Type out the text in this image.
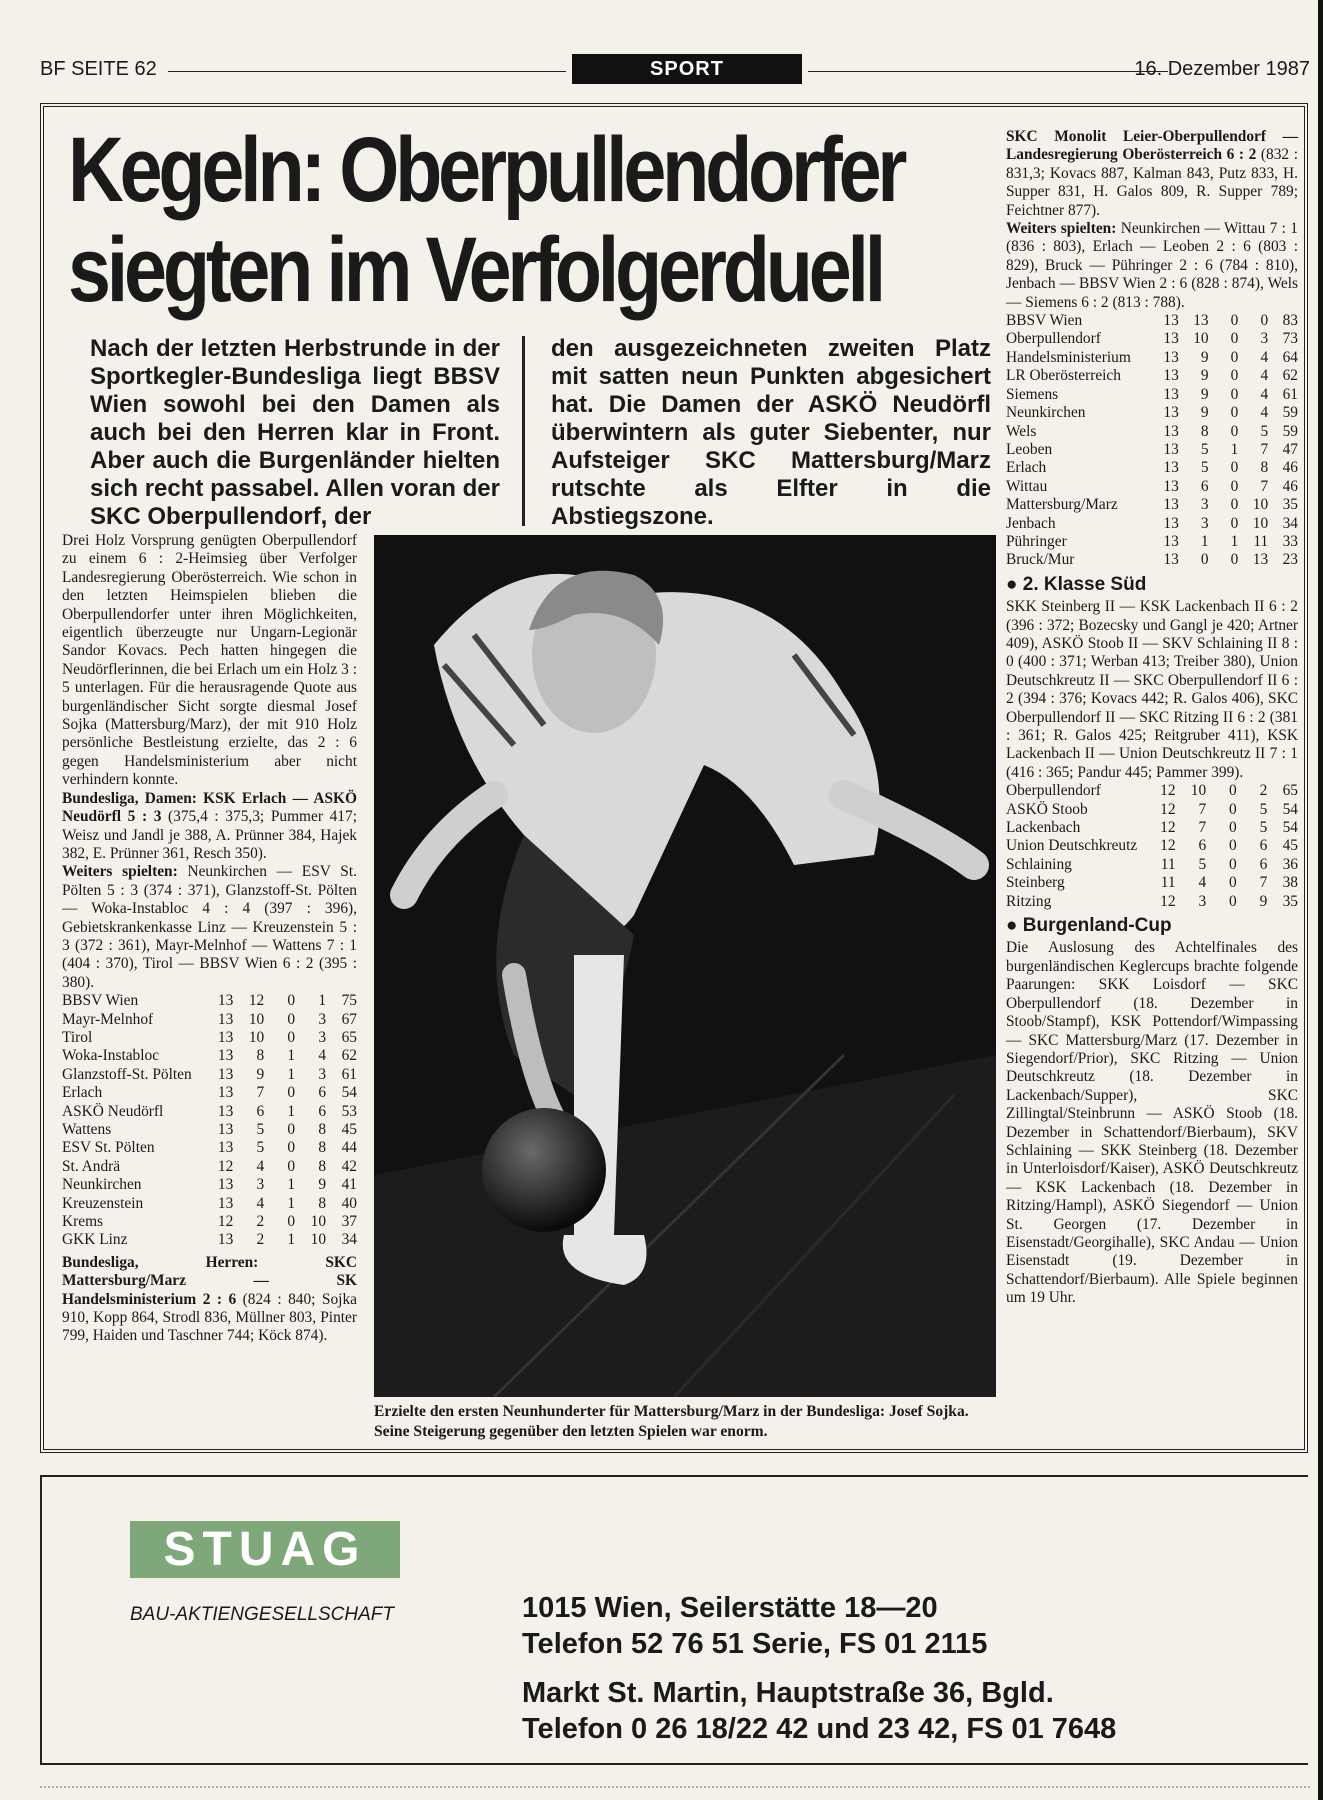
BF SEITE 62	SPORT	16. Dezember 1987
Kegeln: Oberpullendorfer
siegten im Verfolgerduell
Nach der letzten Herbstrunde in der Sportkegler-Bundesliga liegt BBSV Wien sowohl bei den Damen als auch bei den Herren klar in Front. Aber auch die Burgenländer hielten sich recht passabel. Allen voran der SKC Oberpullendorf, der
den ausgezeichneten zweiten Platz mit satten neun Punkten abgesichert hat. Die Damen der ASKÖ Neudörfl überwintern als guter Siebenter, nur Aufsteiger SKC Mattersburg/Marz rutschte als Elfter in die Abstiegszone.

Drei Holz Vorsprung genügten Oberpullendorf zu einem 6 : 2-Heimsieg über Verfolger Landesregierung Oberösterreich. Wie schon in den letzten Heimspielen blieben die Oberpullendorfer unter ihren Möglichkeiten, eigentlich überzeugte nur Ungarn-Legionär Sandor Kovacs. Pech hatten hingegen die Neudörflerinnen, die bei Erlach um ein Holz 3 : 5 unterlagen. Für die herausragende Quote aus burgenländischer Sicht sorgte diesmal Josef Sojka (Mattersburg/Marz), der mit 910 Holz persönliche Bestleistung erzielte, das 2 : 6 gegen Handelsministerium aber nicht verhindern konnte.

Bundesliga, Damen: KSK Erlach — ASKÖ Neudörfl 5 : 3 (375,4 : 375,3; Pummer 417; Weisz und Jandl je 388, A. Prünner 384, Hajek 382, E. Prünner 361, Resch 350).

Weiters spielten: Neunkirchen — ESV St. Pölten 5 : 3 (374 : 371), Glanzstoff-St. Pölten — Woka-Instabloc 4 : 4 (397 : 396), Gebietskrankenkasse Linz — Kreuzenstein 5 : 3 (372 : 361), Mayr-Melnhof — Wattens 7 : 1 (404 : 370), Tirol — BBSV Wien 6 : 2 (395 : 380).

BBSV Wien	13	12	0	1	75
Mayr-Melnhof	13	10	0	3	67
Tirol	13	10	0	3	65
Woka-Instabloc	13	8	1	4	62
Glanzstoff-St. Pölten	13	9	1	3	61
Erlach	13	7	0	6	54
ASKÖ Neudörfl	13	6	1	6	53
Wattens	13	5	0	8	45
ESV St. Pölten	13	5	0	8	44
St. Andrä	12	4	0	8	42
Neunkirchen	13	3	1	9	41
Kreuzenstein	13	4	1	8	40
Krems	12	2	0	10	37
GKK Linz	13	2	1	10	34

Bundesliga, Herren: SKC Mattersburg/Marz — SK Handelsministerium 2 : 6 (824 : 840; Sojka 910, Kopp 864, Strodl 836, Müllner 803, Pinter 799, Haiden und Taschner 744; Köck 874).

Erzielte den ersten Neunhunderter für Mattersburg/Marz in der Bundesliga: Josef Sojka. Seine Steigerung gegenüber den letzten Spielen war enorm.

SKC Monolit Leier-Oberpullendorf — Landesregierung Oberösterreich 6 : 2 (832 : 831,3; Kovacs 887, Kalman 843, Putz 833, H. Supper 831, H. Galos 809, R. Supper 789; Feichtner 877).

Weiters spielten: Neunkirchen — Wittau 7 : 1 (836 : 803), Erlach — Leoben 2 : 6 (803 : 829), Bruck — Pühringer 2 : 6 (784 : 810), Jenbach — BBSV Wien 2 : 6 (828 : 874), Wels — Siemens 6 : 2 (813 : 788).

BBSV Wien	13	13	0	0	83
Oberpullendorf	13	10	0	3	73
Handelsministerium	13	9	0	4	64
LR Oberösterreich	13	9	0	4	62
Siemens	13	9	0	4	61
Neunkirchen	13	9	0	4	59
Wels	13	8	0	5	59
Leoben	13	5	1	7	47
Erlach	13	5	0	8	46
Wittau	13	6	0	7	46
Mattersburg/Marz	13	3	0	10	35
Jenbach	13	3	0	10	34
Pühringer	13	1	1	11	33
Bruck/Mur	13	0	0	13	23
● 2. Klasse Süd

SKK Steinberg II — KSK Lackenbach II 6 : 2 (396 : 372; Bozecsky und Gangl je 420; Artner 409), ASKÖ Stoob II — SKV Schlaining II 8 : 0 (400 : 371; Werban 413; Treiber 380), Union Deutschkreutz II — SKC Oberpullendorf II 6 : 2 (394 : 376; Kovacs 442; R. Galos 406), SKC Oberpullendorf II — SKC Ritzing II 6 : 2 (381 : 361; R. Galos 425; Reitgruber 411), KSK Lackenbach II — Union Deutschkreutz II 7 : 1 (416 : 365; Pandur 445; Pammer 399).

Oberpullendorf	12	10	0	2	65
ASKÖ Stoob	12	7	0	5	54
Lackenbach	12	7	0	5	54
Union Deutschkreutz	12	6	0	6	45
Schlaining	11	5	0	6	36
Steinberg	11	4	0	7	38
Ritzing	12	3	0	9	35
● Burgenland-Cup

Die Auslosung des Achtelfinales des burgenländischen Keglercups brachte folgende Paarungen: SKK Loisdorf — SKC Oberpullendorf (18. Dezember in Stoob/Stampf), KSK Pottendorf/Wimpassing — SKC Mattersburg/Marz (17. Dezember in Siegendorf/Prior), SKC Ritzing — Union Deutschkreutz (18. Dezember in Lackenbach/Supper), SKC Zillingtal/Steinbrunn — ASKÖ Stoob (18. Dezember in Schattendorf/Bierbaum), SKV Schlaining — SKK Steinberg (18. Dezember in Unterloisdorf/Kaiser), ASKÖ Deutschkreutz — KSK Lackenbach (18. Dezember in Ritzing/Hampl), ASKÖ Siegendorf — Union St. Georgen (17. Dezember in Eisenstadt/Georgihalle), SKC Andau — Union Eisenstadt (19. Dezember in Schattendorf/Bierbaum). Alle Spiele beginnen um 19 Uhr.

STUAG
BAU-AKTIENGESELLSCHAFT	1015 Wien, Seilerstätte 18—20
Telefon 52 76 51 Serie, FS 01 2115
Markt St. Martin, Hauptstraße 36, Bgld.
Telefon 0 26 18/22 42 und 23 42, FS 01 7648
